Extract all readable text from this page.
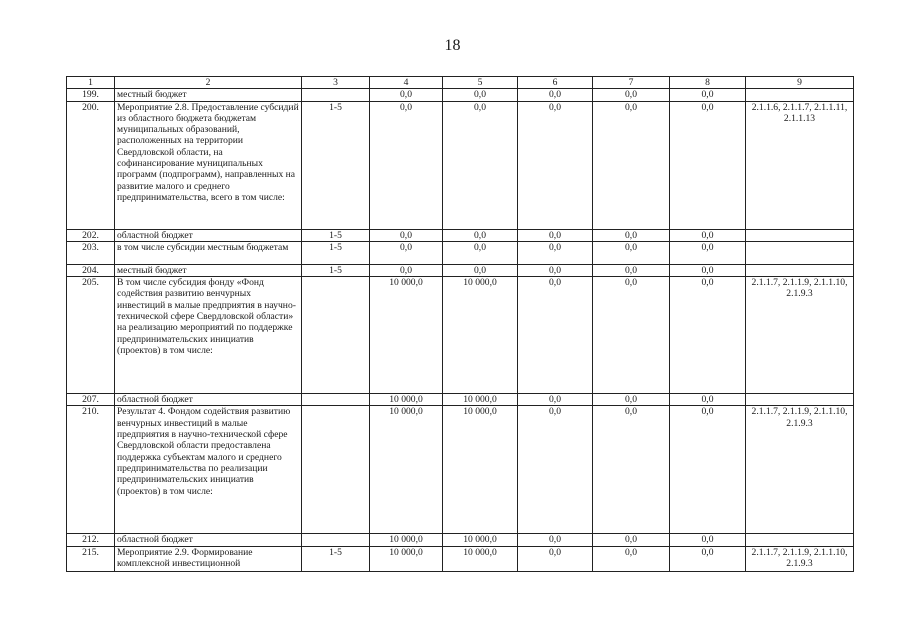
18
1	2	3	4	5	6	7	8	9
199.	местный бюджет		0,0	0,0	0,0	0,0	0,0	
200.	Мероприятие 2.8. Предоставление субсидий из областного бюджета бюджетам муниципальных образований, расположенных на территории Свердловской области, на софинансирование муниципальных программ (подпрограмм), направленных на развитие малого и среднего предпринимательства, всего в том числе:	1-5	0,0	0,0	0,0	0,0	0,0	2.1.1.6, 2.1.1.7, 2.1.1.11, 2.1.1.13
202.	областной бюджет	1-5	0,0	0,0	0,0	0,0	0,0	
203.	в том числе субсидии местным бюджетам	1-5	0,0	0,0	0,0	0,0	0,0	
204.	местный бюджет	1-5	0,0	0,0	0,0	0,0	0,0	
205.	В том числе субсидия фонду «Фонд содействия развитию венчурных инвестиций в малые предприятия в научно-технической сфере Свердловской области» на реализацию мероприятий по поддержке предпринимательских инициатив (проектов) в том числе:		10 000,0	10 000,0	0,0	0,0	0,0	2.1.1.7, 2.1.1.9, 2.1.1.10, 2.1.9.3
207.	областной бюджет		10 000,0	10 000,0	0,0	0,0	0,0	
210.	Результат 4. Фондом содействия развитию венчурных инвестиций в малые предприятия в научно-технической сфере Свердловской области предоставлена поддержка субъектам малого и среднего предпринимательства по реализации предпринимательских инициатив (проектов) в том числе:		10 000,0	10 000,0	0,0	0,0	0,0	2.1.1.7, 2.1.1.9, 2.1.1.10, 2.1.9.3
212.	областной бюджет		10 000,0	10 000,0	0,0	0,0	0,0	
215.	Мероприятие 2.9. Формирование комплексной инвестиционной	1-5	10 000,0	10 000,0	0,0	0,0	0,0	2.1.1.7, 2.1.1.9, 2.1.1.10, 2.1.9.3
